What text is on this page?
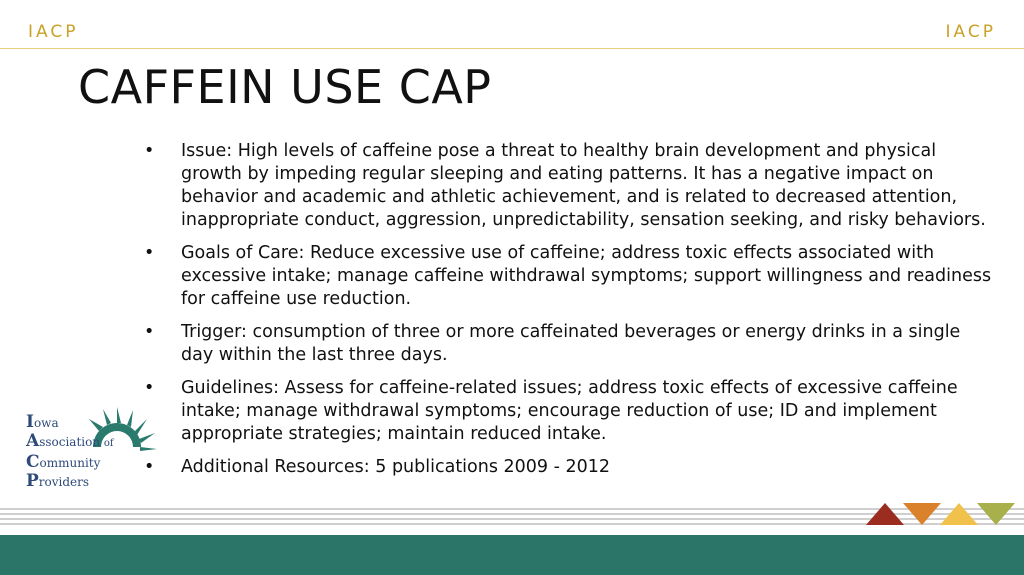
IACP	IACP
CAFFEIN USE CAP
• Issue: High levels of caffeine pose a threat to healthy brain development and physical growth by impeding regular sleeping and eating patterns. It has a negative impact on behavior and academic and athletic achievement, and is related to decreased attention, inappropriate conduct, aggression, unpredictability, sensation seeking, and risky behaviors.
• Goals of Care: Reduce excessive use of caffeine; address toxic effects associated with excessive intake; manage caffeine withdrawal symptoms; support willingness and readiness for caffeine use reduction.
• Trigger: consumption of three or more caffeinated beverages or energy drinks in a single day within the last three days.
• Guidelines: Assess for caffeine-related issues; address toxic effects of excessive caffeine intake; manage withdrawal symptoms; encourage reduction of use; ID and implement appropriate strategies; maintain reduced intake.
• Additional Resources: 5 publications 2009 - 2012
Iowa
Association of
Community
Providers
